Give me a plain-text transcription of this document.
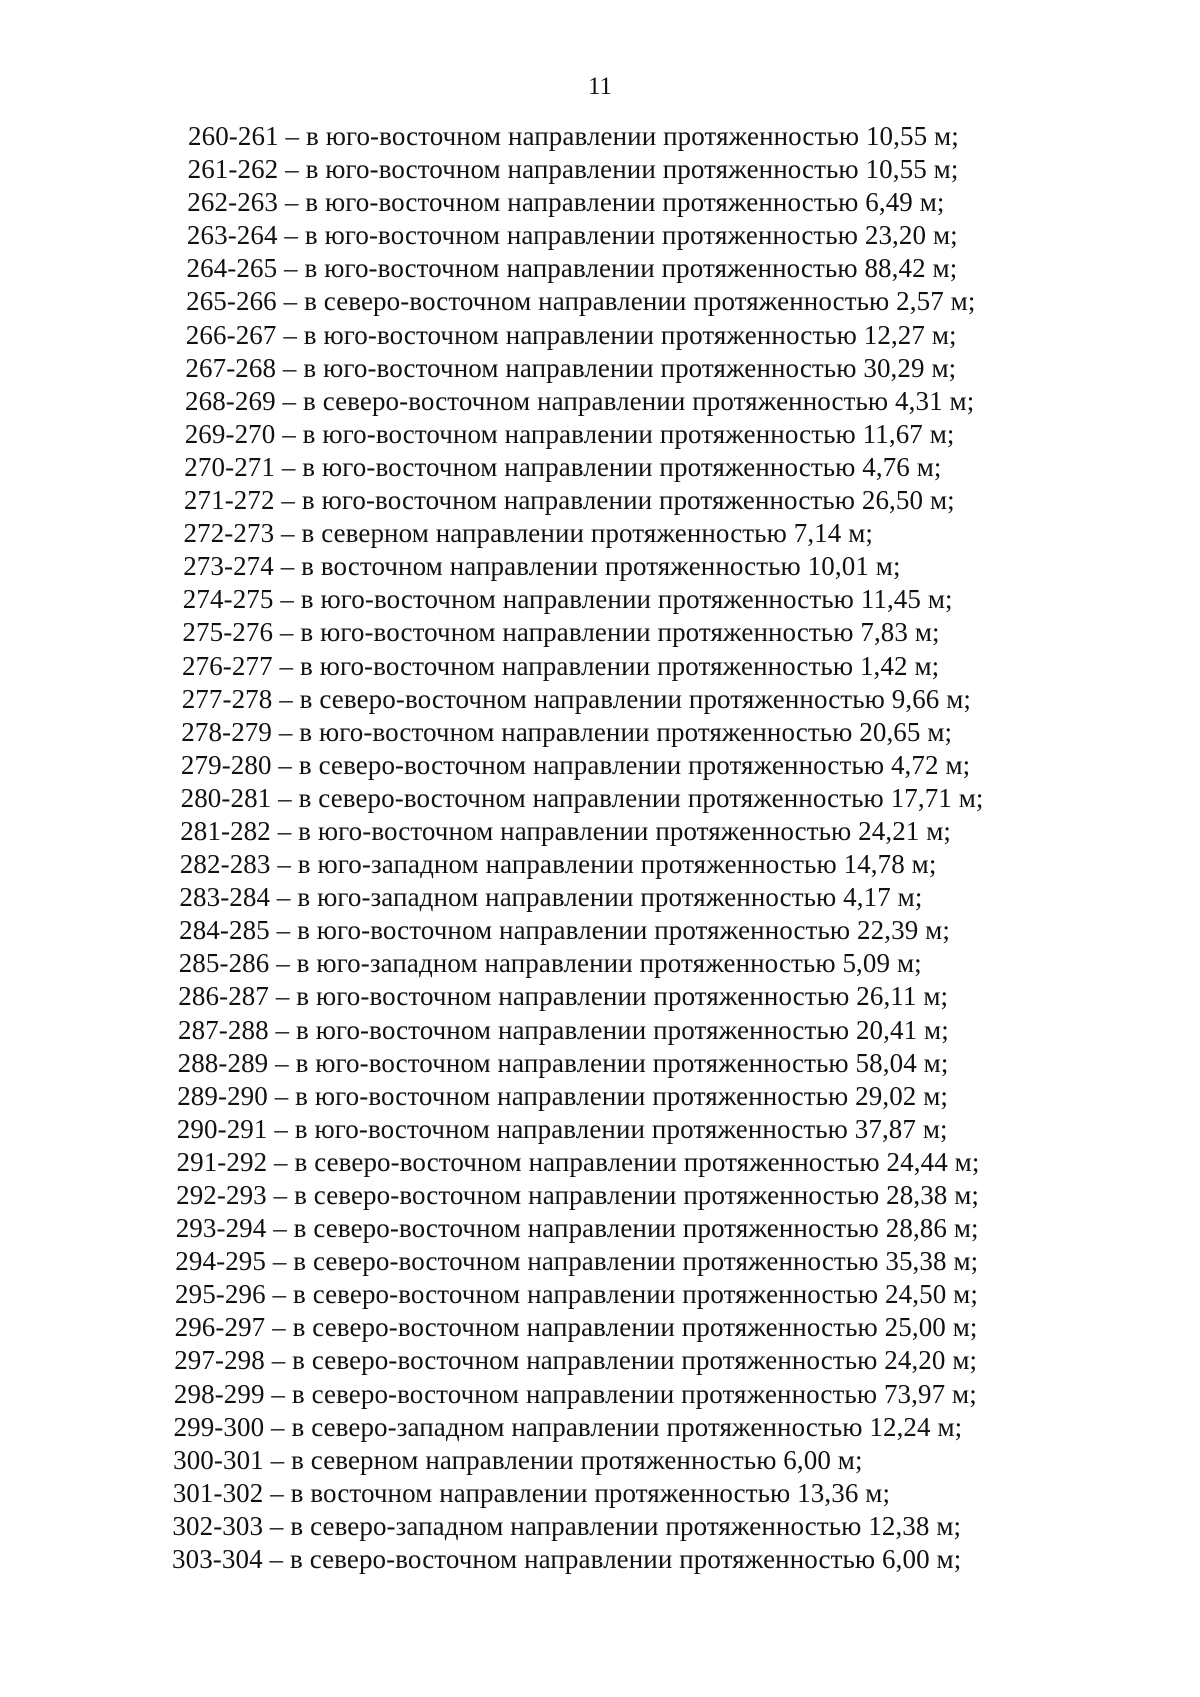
11
260-261 – в юго-восточном направлении протяженностью 10,55 м;
261-262 – в юго-восточном направлении протяженностью 10,55 м;
262-263 – в юго-восточном направлении протяженностью 6,49 м;
263-264 – в юго-восточном направлении протяженностью 23,20 м;
264-265 – в юго-восточном направлении протяженностью 88,42 м;
265-266 – в северо-восточном направлении протяженностью 2,57 м;
266-267 – в юго-восточном направлении протяженностью 12,27 м;
267-268 – в юго-восточном направлении протяженностью 30,29 м;
268-269 – в северо-восточном направлении протяженностью 4,31 м;
269-270 – в юго-восточном направлении протяженностью 11,67 м;
270-271 – в юго-восточном направлении протяженностью 4,76 м;
271-272 – в юго-восточном направлении протяженностью 26,50 м;
272-273 – в северном направлении протяженностью 7,14 м;
273-274 – в восточном направлении протяженностью 10,01 м;
274-275 – в юго-восточном направлении протяженностью 11,45 м;
275-276 – в юго-восточном направлении протяженностью 7,83 м;
276-277 – в юго-восточном направлении протяженностью 1,42 м;
277-278 – в северо-восточном направлении протяженностью 9,66 м;
278-279 – в юго-восточном направлении протяженностью 20,65 м;
279-280 – в северо-восточном направлении протяженностью 4,72 м;
280-281 – в северо-восточном направлении протяженностью 17,71 м;
281-282 – в юго-восточном направлении протяженностью 24,21 м;
282-283 – в юго-западном направлении протяженностью 14,78 м;
283-284 – в юго-западном направлении протяженностью 4,17 м;
284-285 – в юго-восточном направлении протяженностью 22,39 м;
285-286 – в юго-западном направлении протяженностью 5,09 м;
286-287 – в юго-восточном направлении протяженностью 26,11 м;
287-288 – в юго-восточном направлении протяженностью 20,41 м;
288-289 – в юго-восточном направлении протяженностью 58,04 м;
289-290 – в юго-восточном направлении протяженностью 29,02 м;
290-291 – в юго-восточном направлении протяженностью 37,87 м;
291-292 – в северо-восточном направлении протяженностью 24,44 м;
292-293 – в северо-восточном направлении протяженностью 28,38 м;
293-294 – в северо-восточном направлении протяженностью 28,86 м;
294-295 – в северо-восточном направлении протяженностью 35,38 м;
295-296 – в северо-восточном направлении протяженностью 24,50 м;
296-297 – в северо-восточном направлении протяженностью 25,00 м;
297-298 – в северо-восточном направлении протяженностью 24,20 м;
298-299 – в северо-восточном направлении протяженностью 73,97 м;
299-300 – в северо-западном направлении протяженностью 12,24 м;
300-301 – в северном направлении протяженностью 6,00 м;
301-302 – в восточном направлении протяженностью 13,36 м;
302-303 – в северо-западном направлении протяженностью 12,38 м;
303-304 – в северо-восточном направлении протяженностью 6,00 м;
